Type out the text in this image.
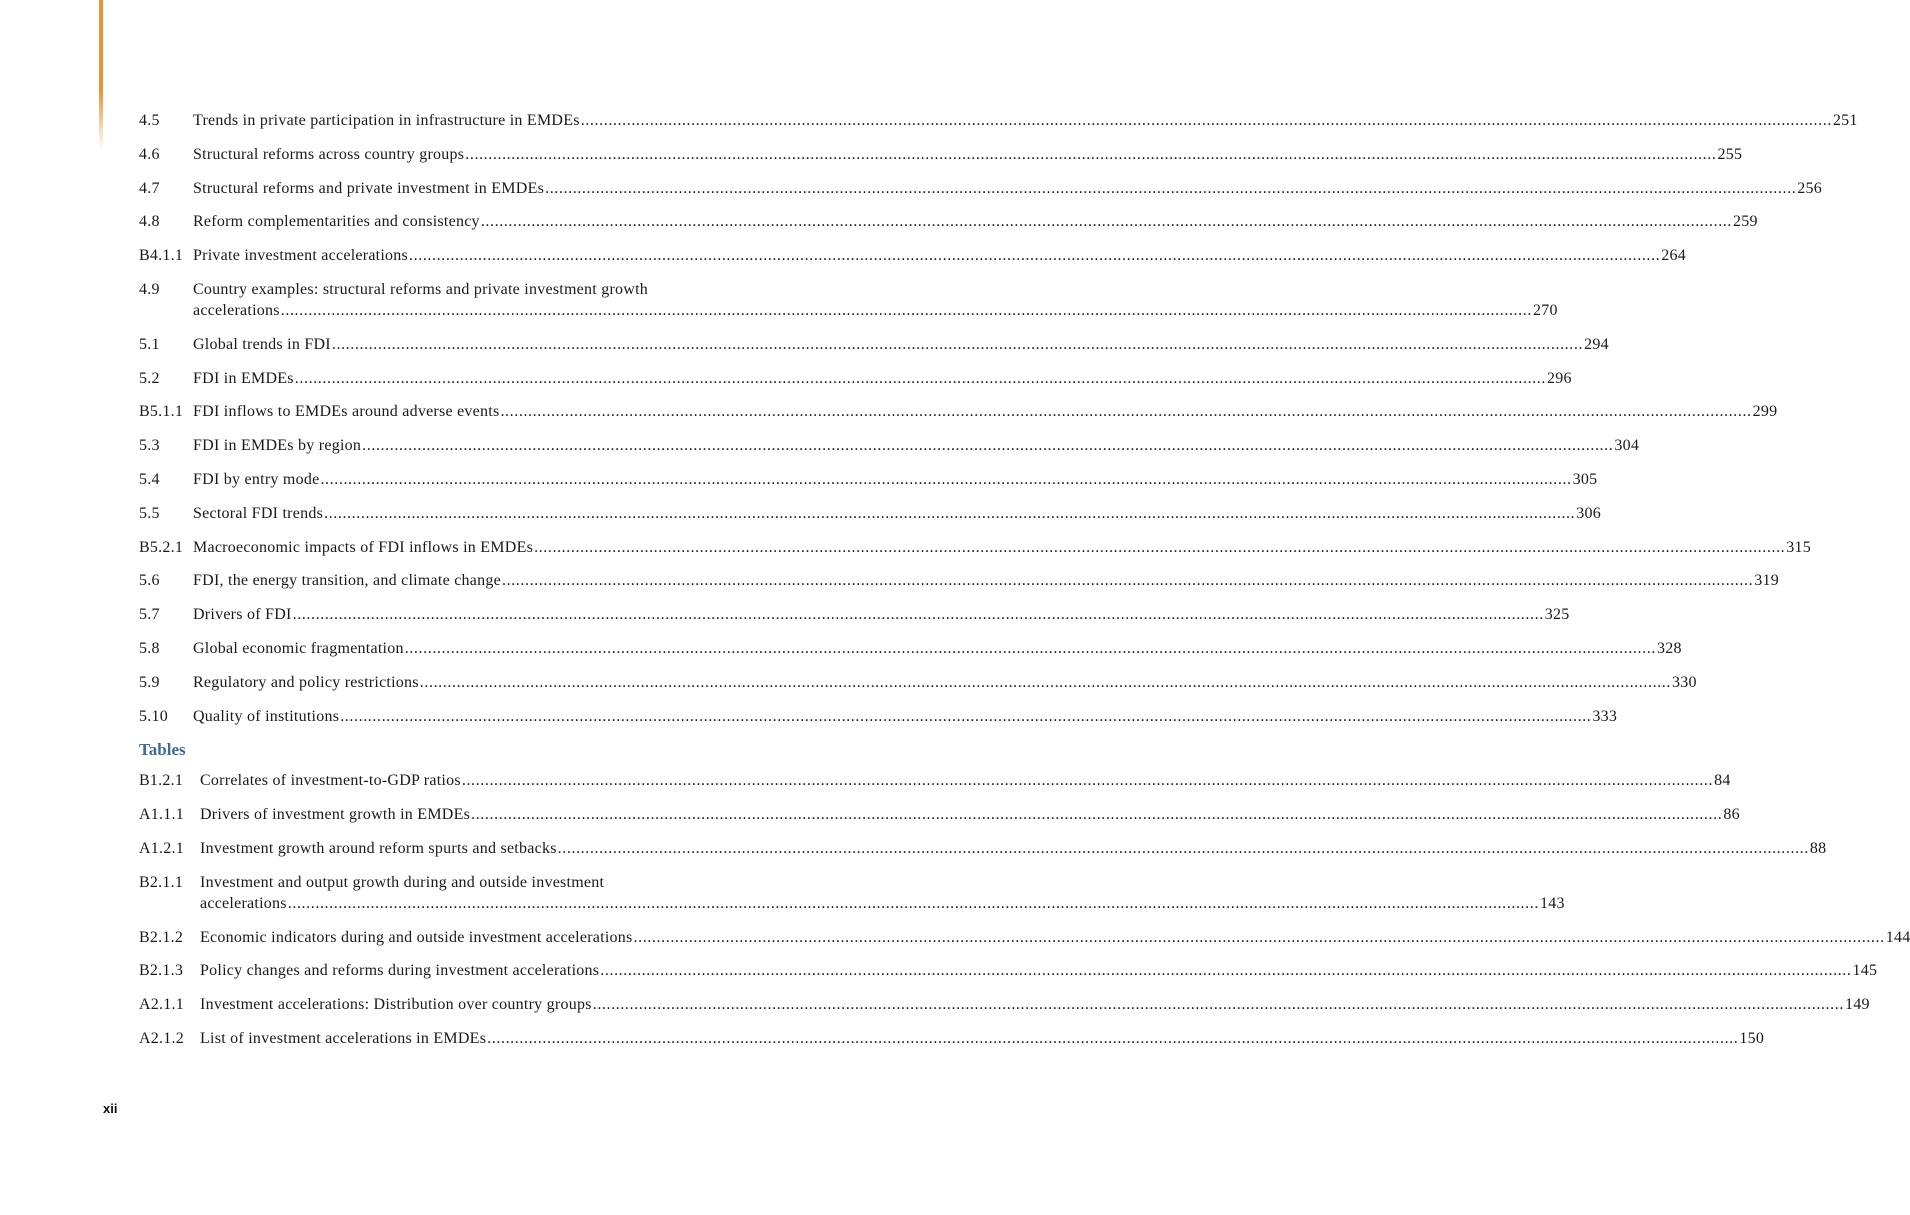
4.5	Trends in private participation in infrastructure in EMDEs .....	251
4.6	Structural reforms across country groups .....	255
4.7	Structural reforms and private investment in EMDEs .....	256
4.8	Reform complementarities and consistency .....	259
B4.1.1 Private investment accelerations .....	264
4.9 Country examples: structural reforms and private investment growth
accelerations .....	270
5.1	Global trends in FDI .....	294
5.2	FDI in EMDEs .....	296
B5.1.1 FDI inflows to EMDEs around adverse events .....	299
5.3	FDI in EMDEs by region .....	304
5.4	FDI by entry mode .....	305
5.5	Sectoral FDI trends .....	306
B5.2.1 Macroeconomic impacts of FDI inflows in EMDEs .....	315
5.6	FDI, the energy transition, and climate change .....	319
5.7	Drivers of FDI .....	325
5.8	Global economic fragmentation .....	328
5.9	Regulatory and policy restrictions .....	330
5.10	Quality of institutions .....	333
Tables
B1.2.1	Correlates of investment-to-GDP ratios .....	84
A1.1.1 Drivers of investment growth in EMDEs .....	86
A1.2.1 Investment growth around reform spurts and setbacks .....	88
B2.1.1 Investment and output growth during and outside investment
accelerations .....	143
B2.1.2	Economic indicators during and outside investment accelerations .....	144
B2.1.3	Policy changes and reforms during investment accelerations .....	145
A2.1.1 Investment accelerations: Distribution over country groups .....	149
A2.1.2 List of investment accelerations in EMDEs .....	150
xii
